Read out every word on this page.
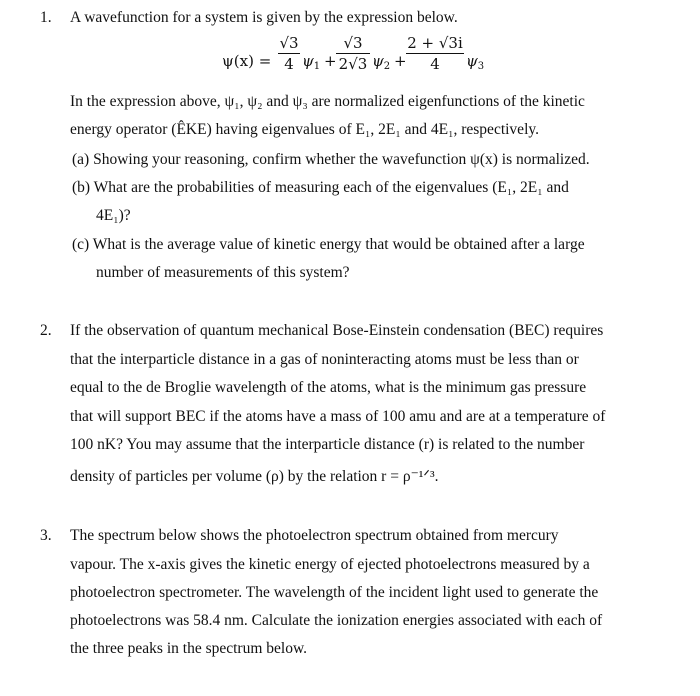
1. A wavefunction for a system is given by the expression below.
ψ(x) =
√3
4 $\psi_1$ +
√3
2√3 $\psi_2$ +
2 + √3i
4	$\psi_3$
In the expression above, ψ₁, ψ₂ and ψ₃ are normalized eigenfunctions of the kinetic
energy operator (ÊKE) having eigenvalues of E₁, 2E₁ and 4E₁, respectively.
(a) Showing your reasoning, confirm whether the wavefunction ψ(x) is normalized.
(b) What are the probabilities of measuring each of the eigenvalues (E₁, 2E₁ and
4E₁)?
(c) What is the average value of kinetic energy that would be obtained after a large
number of measurements of this system?
2. If the observation of quantum mechanical Bose-Einstein condensation (BEC) requires
that the interparticle distance in a gas of noninteracting atoms must be less than or
equal to the de Broglie wavelength of the atoms, what is the minimum gas pressure
that will support BEC if the atoms have a mass of 100 amu and are at a temperature of
100 nK? You may assume that the interparticle distance (r) is related to the number
density of particles per volume (ρ) by the relation r = ρ⁻¹ᐟ³.
3. The spectrum below shows the photoelectron spectrum obtained from mercury
vapour. The x-axis gives the kinetic energy of ejected photoelectrons measured by a
photoelectron spectrometer. The wavelength of the incident light used to generate the
photoelectrons was 58.4 nm. Calculate the ionization energies associated with each of
the three peaks in the spectrum below.
